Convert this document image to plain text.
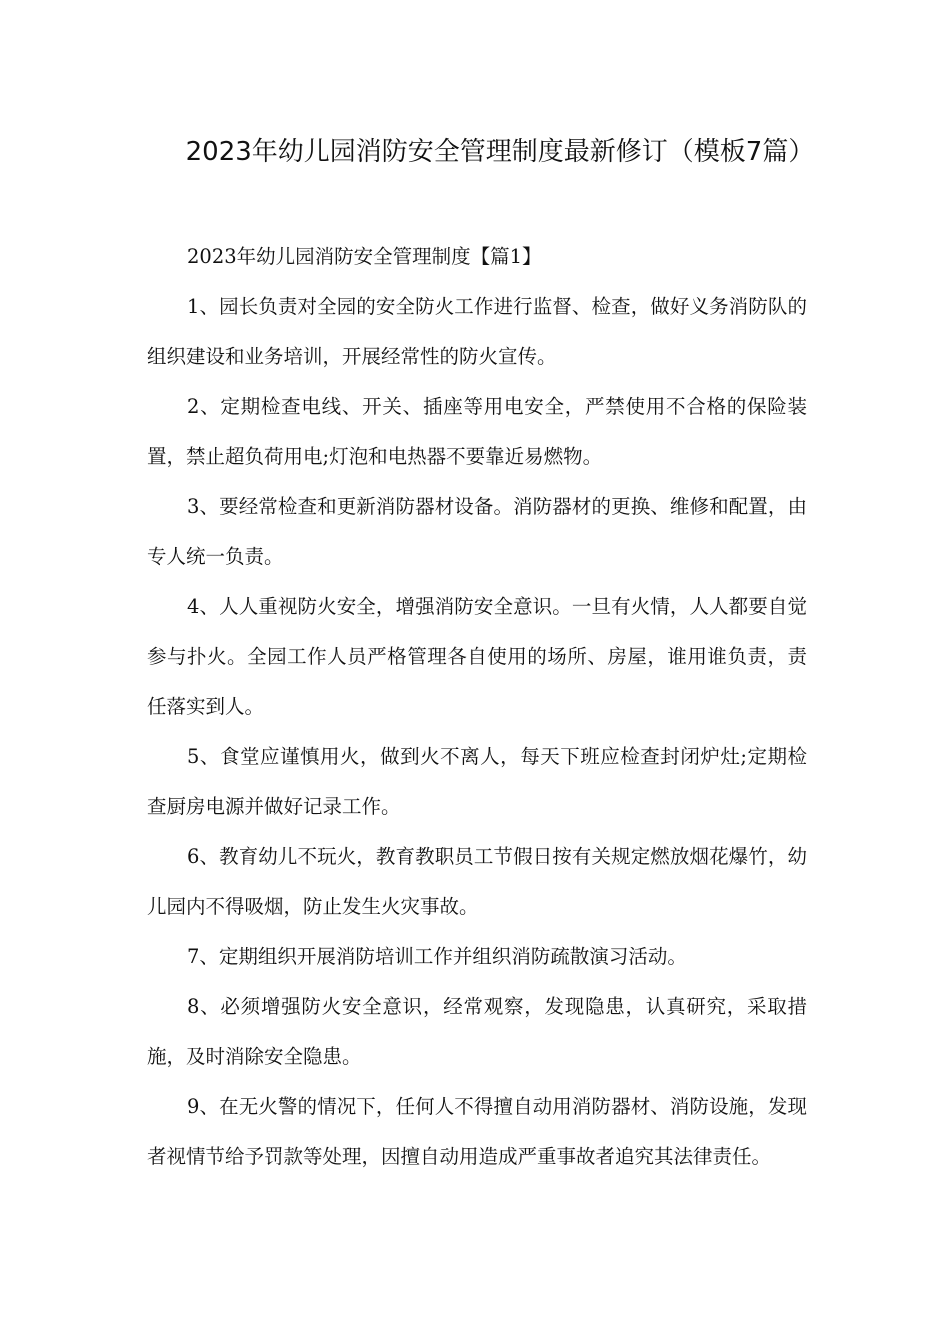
2023年幼儿园消防安全管理制度最新修订（模板7篇）

2023年幼儿园消防安全管理制度【篇1】

1、园长负责对全园的安全防火工作进行监督、检查，做好义务消防队的组织建设和业务培训，开展经常性的防火宣传。

2、定期检查电线、开关、插座等用电安全，严禁使用不合格的保险装置，禁止超负荷用电;灯泡和电热器不要靠近易燃物。

3、要经常检查和更新消防器材设备。消防器材的更换、维修和配置，由专人统一负责。

4、人人重视防火安全，增强消防安全意识。一旦有火情，人人都要自觉参与扑火。全园工作人员严格管理各自使用的场所、房屋，谁用谁负责，责任落实到人。

5、食堂应谨慎用火，做到火不离人，每天下班应检查封闭炉灶;定期检查厨房电源并做好记录工作。

6、教育幼儿不玩火，教育教职员工节假日按有关规定燃放烟花爆竹，幼儿园内不得吸烟，防止发生火灾事故。

7、定期组织开展消防培训工作并组织消防疏散演习活动。

8、必须增强防火安全意识，经常观察，发现隐患，认真研究，采取措施，及时消除安全隐患。

9、在无火警的情况下，任何人不得擅自动用消防器材、消防设施，发现者视情节给予罚款等处理，因擅自动用造成严重事故者追究其法律责任。
